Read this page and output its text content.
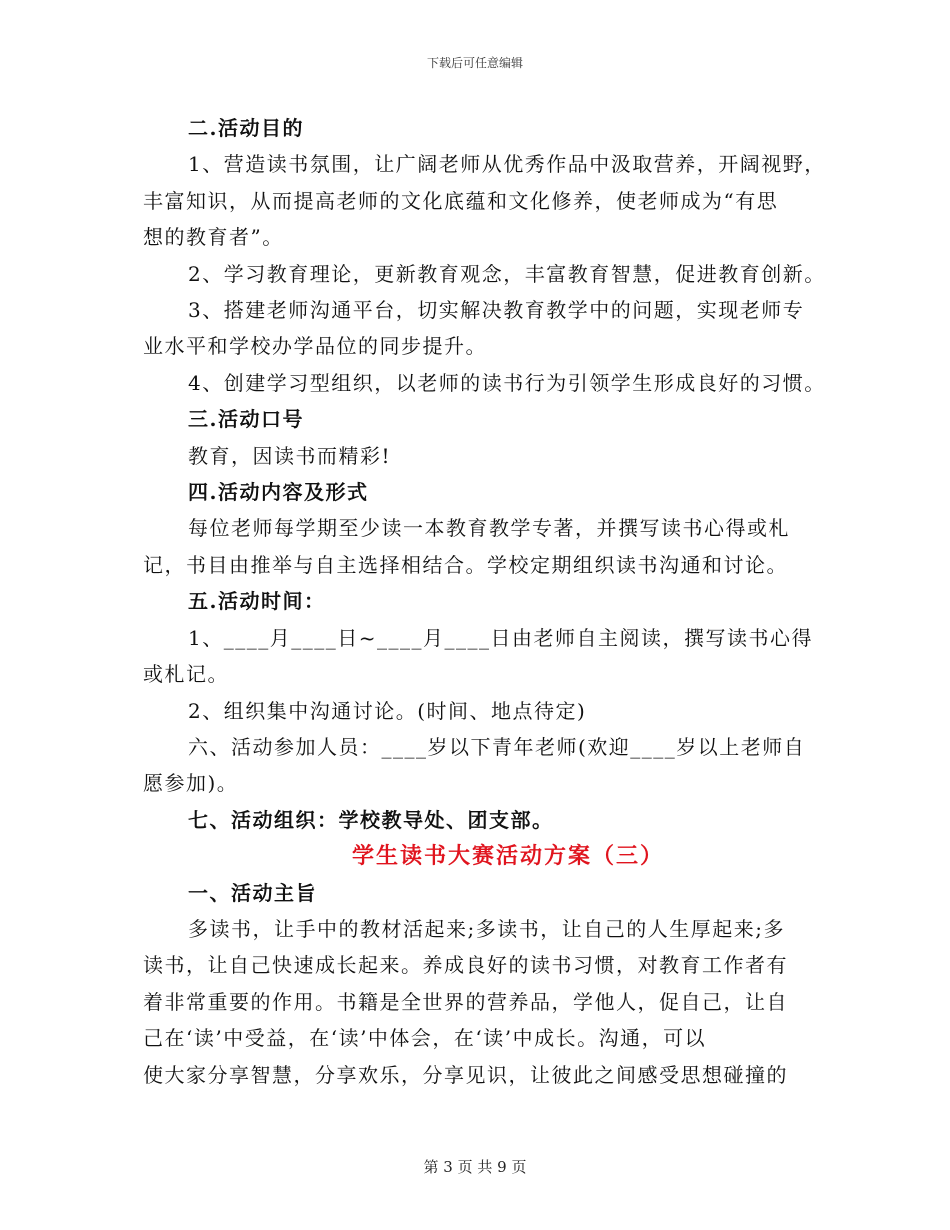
下载后可任意编辑
二.活动目的
1、营造读书氛围，让广阔老师从优秀作品中汲取营养，开阔视野，
丰富知识，从而提高老师的文化底蕴和文化修养，使老师成为“有思
想的教育者”。
2、学习教育理论，更新教育观念，丰富教育智慧，促进教育创新。
3、搭建老师沟通平台，切实解决教育教学中的问题，实现老师专
业水平和学校办学品位的同步提升。
4、创建学习型组织，以老师的读书行为引领学生形成良好的习惯。
三.活动口号
教育，因读书而精彩!
四.活动内容及形式
每位老师每学期至少读一本教育教学专著，并撰写读书心得或札
记，书目由推举与自主选择相结合。学校定期组织读书沟通和讨论。
五.活动时间：
1、____月____日~____月____日由老师自主阅读，撰写读书心得
或札记。
2、组织集中沟通讨论。(时间、地点待定)
六、活动参加人员：____岁以下青年老师(欢迎____岁以上老师自
愿参加)。
七、活动组织：学校教导处、团支部。
学生读书大赛活动方案（三）
一、活动主旨
多读书，让手中的教材活起来;多读书，让自己的人生厚起来;多
读书，让自己快速成长起来。养成良好的读书习惯，对教育工作者有
着非常重要的作用。书籍是全世界的营养品，学他人，促自己，让自
己在‘读’中受益，在‘读’中体会，在‘读’中成长。沟通，可以
使大家分享智慧，分享欢乐，分享见识，让彼此之间感受思想碰撞的
第 3 页 共 9 页
